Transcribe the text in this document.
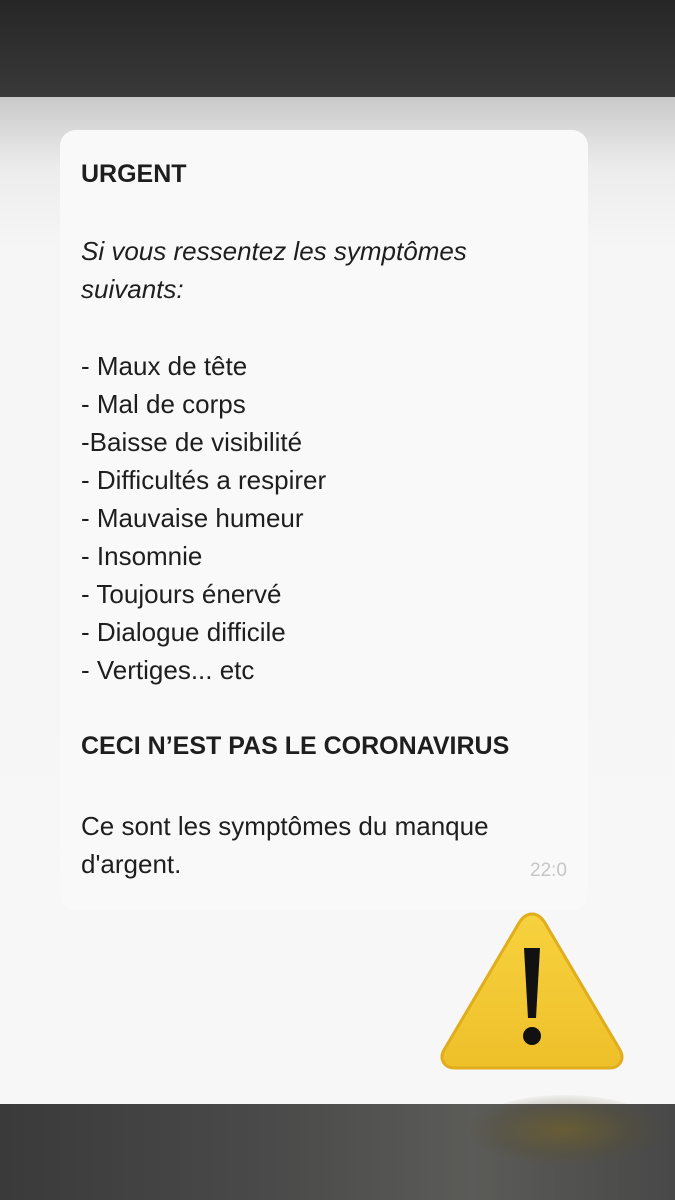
URGENT
Si vous ressentez les symptômes
suivants:
- Maux de tête
- Mal de corps
-Baisse de visibilité
- Difficultés a respirer
- Mauvaise humeur
- Insomnie
- Toujours énervé
- Dialogue difficile
- Vertiges... etc
CECI N’EST PAS LE CORONAVIRUS
Ce sont les symptômes du manque
d'argent.	22:0
